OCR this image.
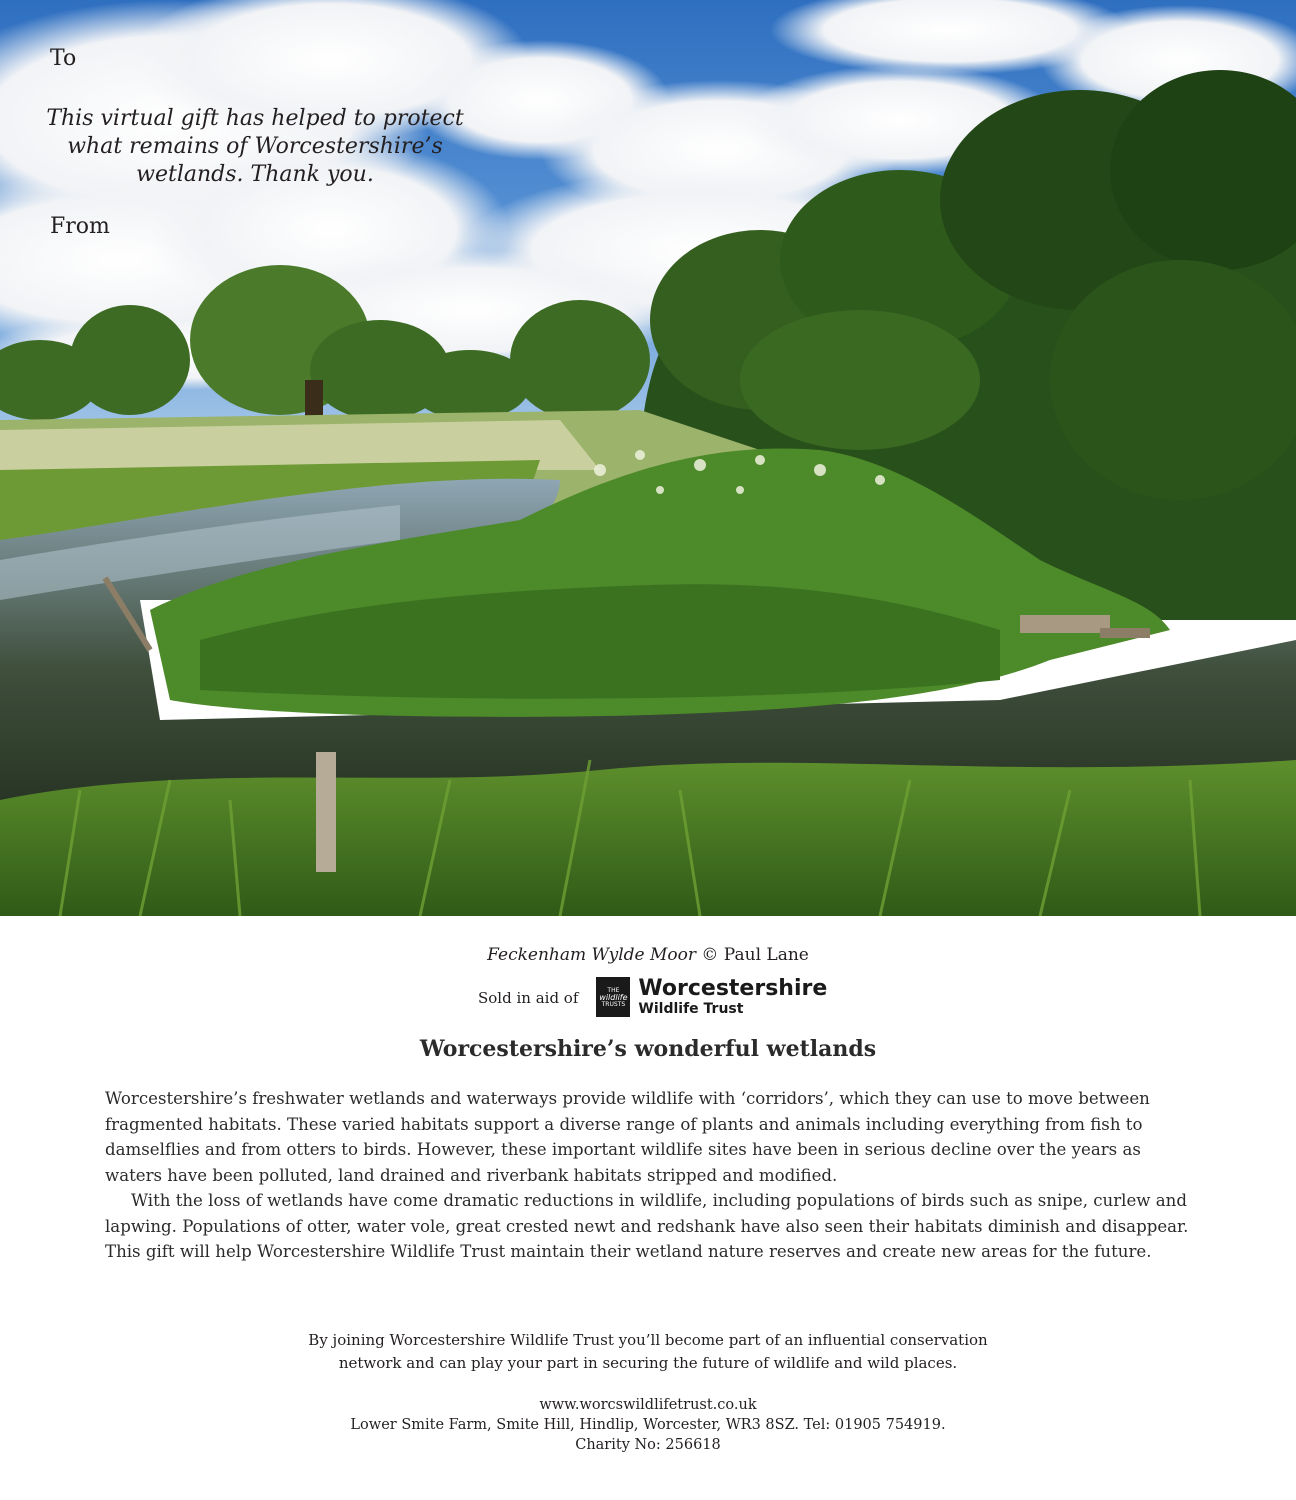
To
This virtual gift has helped to protect
what remains of Worcestershire’s
wetlands. Thank you.
From
Feckenham Wylde Moor © Paul Lane
Sold in aid of	THE
wildlife
TRUSTS
Worcestershire
Wildlife Trust
Worcestershire’s wonderful wetlands

Worcestershire’s freshwater wetlands and waterways provide wildlife with ‘corridors’, which they can use to move between fragmented habitats. These varied habitats support a diverse range of plants and animals including everything from fish to damselflies and from otters to birds. However, these important wildlife sites have been in serious decline over the years as waters have been polluted, land drained and riverbank habitats stripped and modified.

With the loss of wetlands have come dramatic reductions in wildlife, including populations of birds such as snipe, curlew and lapwing. Populations of otter, water vole, great crested newt and redshank have also seen their habitats diminish and disappear. This gift will help Worcestershire Wildlife Trust maintain their wetland nature reserves and create new areas for the future.

By joining Worcestershire Wildlife Trust you’ll become part of an influential conservation
network and can play your part in securing the future of wildlife and wild places.
www.worcswildlifetrust.co.uk
Lower Smite Farm, Smite Hill, Hindlip, Worcester, WR3 8SZ. Tel: 01905 754919.
Charity No: 256618
